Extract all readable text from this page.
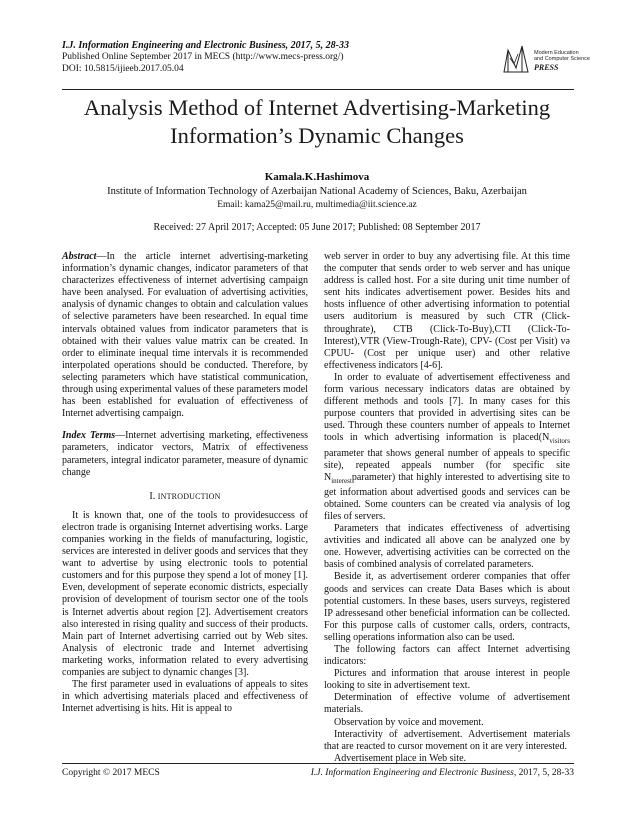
I.J. Information Engineering and Electronic Business, 2017, 5, 28-33
Published Online September 2017 in MECS (http://www.mecs-press.org/)
DOI: 10.5815/ijieeb.2017.05.04
Modern Education
and Computer Science
PRESS
Analysis Method of Internet Advertising-Marketing Information’s Dynamic Changes
Kamala.K.Hashimova
Institute of Information Technology of Azerbaijan National Academy of Sciences, Baku, Azerbaijan
Email: kama25@mail.ru, multimedia@iit.science.az
Received: 27 April 2017; Accepted: 05 June 2017; Published: 08 September 2017

Abstract—In the article internet advertising-marketing information’s dynamic changes, indicator parameters of that characterizes effectiveness of internet advertising campaign have been analysed. For evaluation of advertising activities, analysis of dynamic changes to obtain and calculation values of selective parameters have been researched. In equal time intervals obtained values from indicator parameters that is obtained with their values value matrix can be created. In order to eliminate inequal time intervals it is recommended interpolated operations should be conducted. Therefore, by selecting parameters which have statistical communication, through using experimental values of these parameters model has been established for evaluation of effectiveness of Internet advertising campaign.

Index Terms—Internet advertising marketing, effectiveness parameters, indicator vectors, Matrix of effectiveness parameters, integral indicator parameter, measure of dynamic change

I. INTRODUCTION

It is known that, one of the tools to providesuccess of electron trade is organising Internet advertising works. Large companies working in the fields of manufacturing, logistic, services are interested in deliver goods and services that they want to advertise by using electronic tools to potential customers and for this purpose they spend a lot of money [1]. Even, development of seperate economic districts, especially provision of development of tourism sector one of the tools is Internet advertis about region [2]. Advertisement creators also interested in rising quality and success of their products. Main part of Internet advertising carried out by Web sites. Analysis of electronic trade and Internet advertising marketing works, information related to every advertising companies are subject to dynamic changes [3].

The first parameter used in evaluations of appeals to sites in which advertising materials placed and effectiveness of Internet advertising is hits. Hit is appeal to

web server in order to buy any advertising file. At this time the computer that sends order to web server and has unique address is called host. For a site during unit time number of sent hits indicates advertisement power. Besides hits and hosts influence of other advertising information to potential users auditorium is measured by such CTR (Click-throughrate), CTB (Click-To-Buy),CTI (Click-To-Interest),VTR (View-Trough-Rate), CPV- (Cost per Visit) və CPUU- (Cost per unique user) and other relative effectiveness indicators [4-6].

In order to evaluate of advertisement effectiveness and form various necessary indicators datas are obtained by different methods and tools [7]. In many cases for this purpose counters that provided in advertising sites can be used. Through these counters number of appeals to Internet tools in which advertising information is $placed(N_{visitors}$ parameter that shows general number of appeals to specific site), repeated appeals number (for specific site $N_{interest}parameter$) that highly interested to advertising site to get information about advertised goods and services can be obtained. Some counters can be created via analysis of log files of servers.

Parameters that indicates effectiveness of advertising avtivities and indicated all above can be analyzed one by one. However, advertising activities can be corrected on the basis of combined analysis of correlated parameters.

Beside it, as advertisement orderer companies that offer goods and services can create Data Bases which is about potential customers. In these bases, users surveys, registered IP adressesand other beneficial information can be collected. For this purpose calls of customer calls, orders, contracts, selling operations information also can be used.

The following factors can affect Internet advertising indicators:

Pictures and information that arouse interest in people looking to site in advertisement text.

Determination of effective volume of advertisement materials.

Observation by voice and movement.

Interactivity of advertisement. Advertisement materials that are reacted to cursor movement on it are very interested.

Advertisement place in Web site.

Copyright © 2017 MECS	I.J. Information Engineering and Electronic Business, 2017, 5, 28-33
